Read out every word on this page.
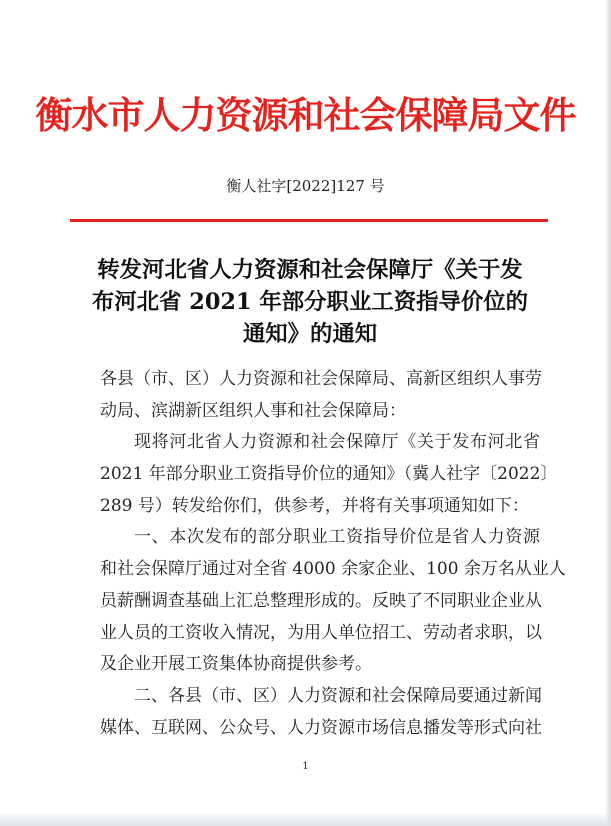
衡水市人力资源和社会保障局文件
衡人社字[2022]127 号
转发河北省人力资源和社会保障厅《关于发
布河北省 2021 年部分职业工资指导价位的
通知》的通知
各县（市、区）人力资源和社会保障局、高新区组织人事劳
动局、滨湖新区组织人事和社会保障局：
现将河北省人力资源和社会保障厅《关于发布河北省
2021 年部分职业工资指导价位的通知》（冀人社字〔2022〕
289 号）转发给你们，供参考，并将有关事项通知如下：
一、本次发布的部分职业工资指导价位是省人力资源
和社会保障厅通过对全省 4000 余家企业、100 余万名从业人
员薪酬调查基础上汇总整理形成的。反映了不同职业企业从
业人员的工资收入情况，为用人单位招工、劳动者求职，以
及企业开展工资集体协商提供参考。
二、各县（市、区）人力资源和社会保障局要通过新闻
媒体、互联网、公众号、人力资源市场信息播发等形式向社
1
